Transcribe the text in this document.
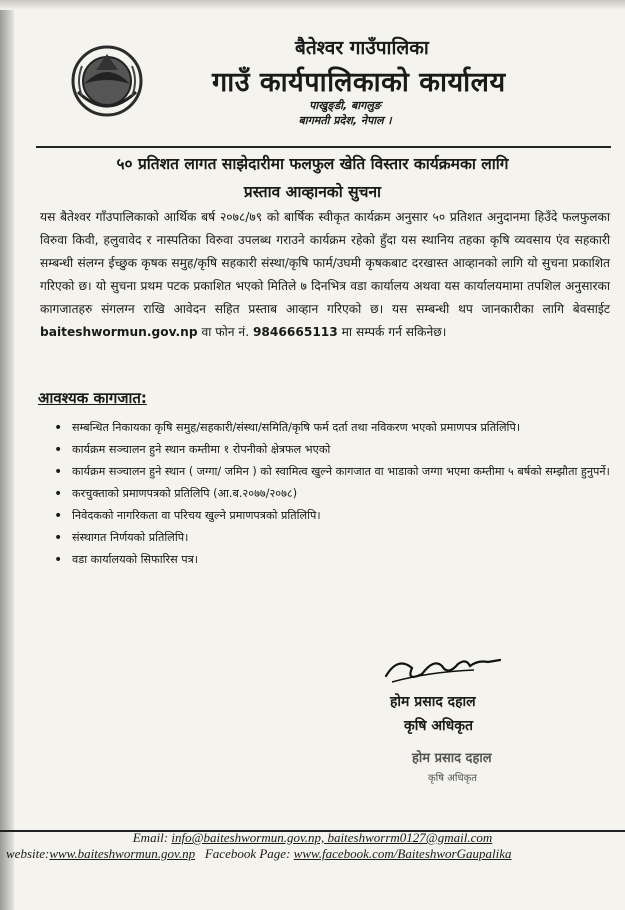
बैतेश्वर गाउँपालिका
गाउँ कार्यपालिकाको कार्यालय
पाखुङ्डी, बागलुङ
बागमती प्रदेश, नेपाल ।
५० प्रतिशत लागत साझेदारीमा फलफुल खेति विस्तार कार्यक्रमका लागि
प्रस्ताव आव्हानको सुचना
यस बैतेश्वर गाँउपालिकाको आर्थिक बर्ष २०७८/७९ को बार्षिक स्वीकृत कार्यक्रम अनुसार ५० प्रतिशत अनुदानमा हिउँदे फलफुलका विरुवा किवी, हलुवावेद र नास्पतिका विरुवा उपलब्ध गराउने कार्यक्रम रहेको हुँदा यस स्थानिय तहका कृषि व्यवसाय एंव सहकारी सम्बन्धी संलग्न ईच्छुक कृषक समुह/कृषि सहकारी संस्था/कृषि फार्म/उघमी कृषकबाट दरखास्त आव्हानको लागि यो सुचना प्रकाशित गरिएको छ। यो सुचना प्रथम पटक प्रकाशित भएको मितिले ७ दिनभित्र वडा कार्यालय अथवा यस कार्यालयमामा तपशिल अनुसारका कागजातहरु संगलग्न राखि आवेदन सहित प्रस्ताब आव्हान गरिएको छ। यस सम्बन्धी थप जानकारीका लागि बेवसाईट baiteshwormun.gov.np वा फोन नं. 9846665113 मा सम्पर्क गर्न सकिनेछ।
आवश्यक कागजात:
• सम्बन्धित निकायका कृषि समुह/सहकारी/संस्था/समिति/कृषि फर्म दर्ता तथा नविकरण भएको प्रमाणपत्र प्रतिलिपि।
• कार्यक्रम सञ्चालन हुने स्थान कम्तीमा १ रोपनीको क्षेत्रफल भएको
• कार्यक्रम सञ्चालन हुने स्थान ( जग्गा/ जमिन ) को स्वामित्व खुल्ने कागजात वा भाडाको जग्गा भएमा कम्तीमा ५ बर्षको सम्झौता हुनुपर्ने।
• करचुक्ताको प्रमाणपत्रको प्रतिलिपि (आ.ब.२०७७/२०७८)
• निवेदकको नागरिकता वा परिचय खुल्ने प्रमाणपत्रको प्रतिलिपि।
• संस्थागत निर्णयको प्रतिलिपि।
• वडा कार्यालयको सिफारिस पत्र।
होम प्रसाद दहाल
कृषि अधिकृत
होम प्रसाद दहाल
कृषि अधिकृत
Email: info@baiteshwormun.gov.np, baiteshworrm0127@gmail.com
website:www.baiteshwormun.gov.np Facebook Page: www.facebook.com/BaiteshworGaupalika
